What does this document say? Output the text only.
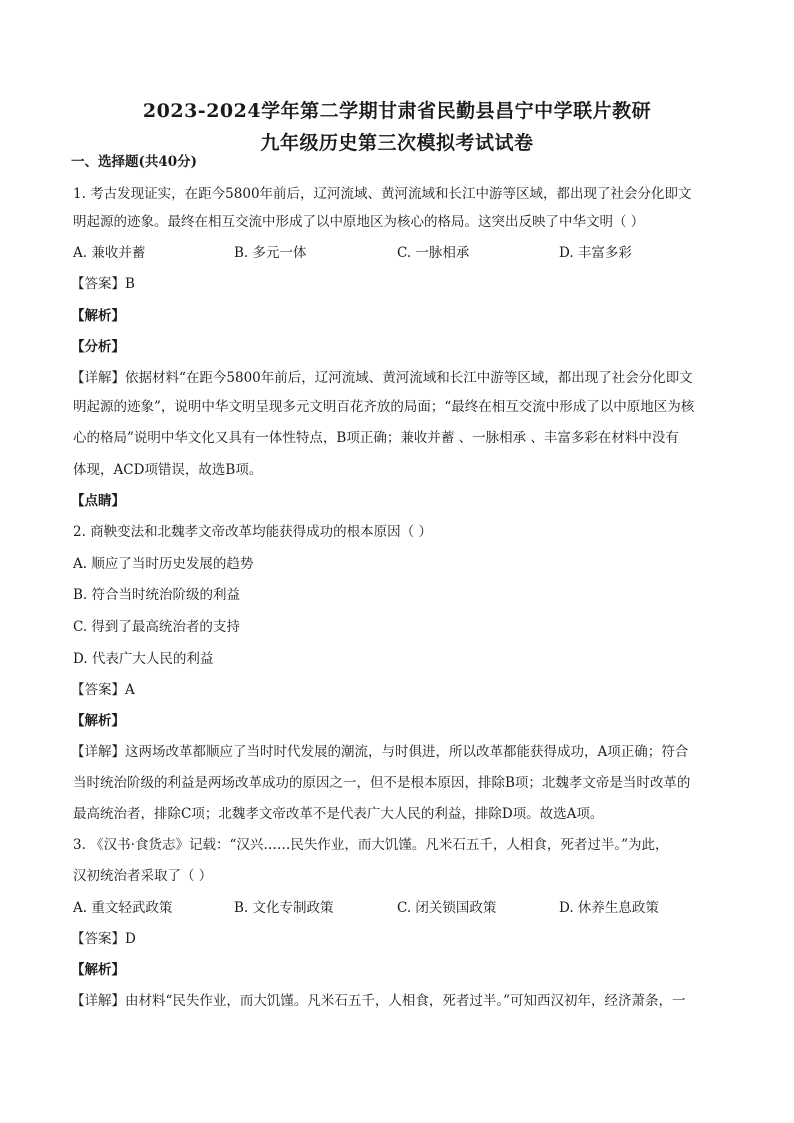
2023-2024学年第二学期甘肃省民勤县昌宁中学联片教研
九年级历史第三次模拟考试试卷
一、选择题(共40分)
1. 考古发现证实，在距今5800年前后，辽河流域、黄河流域和长江中游等区域，都出现了社会分化即文
明起源的迹象。最终在相互交流中形成了以中原地区为核心的格局。这突出反映了中华文明（ ）
A. 兼收并蓄	B. 多元一体	C. 一脉相承	D. 丰富多彩
【答案】B
【解析】
【分析】
【详解】依据材料“在距今5800年前后，辽河流域、黄河流域和长江中游等区域，都出现了社会分化即文
明起源的迹象”，说明中华文明呈现多元文明百花齐放的局面；“最终在相互交流中形成了以中原地区为核
心的格局”说明中华文化又具有一体性特点，B项正确；兼收并蓄 、一脉相承 、丰富多彩在材料中没有
体现，ACD项错误，故选B项。
【点睛】
2. 商鞅变法和北魏孝文帝改革均能获得成功的根本原因（ ）
A. 顺应了当时历史发展的趋势
B. 符合当时统治阶级的利益
C. 得到了最高统治者的支持
D. 代表广大人民的利益
【答案】A
【解析】
【详解】这两场改革都顺应了当时时代发展的潮流，与时俱进，所以改革都能获得成功，A项正确；符合
当时统治阶级的利益是两场改革成功的原因之一，但不是根本原因，排除B项；北魏孝文帝是当时改革的
最高统治者，排除C项；北魏孝文帝改革不是代表广大人民的利益，排除D项。故选A项。
3. 《汉书·食货志》记载：“汉兴……民失作业，而大饥馑。凡米石五千，人相食，死者过半。”为此，
汉初统治者采取了（ ）
A. 重文轻武政策	B. 文化专制政策	C. 闭关锁国政策	D. 休养生息政策
【答案】D
【解析】
【详解】由材料“民失作业，而大饥馑。凡米石五千，人相食，死者过半。”可知西汉初年，经济萧条，一
